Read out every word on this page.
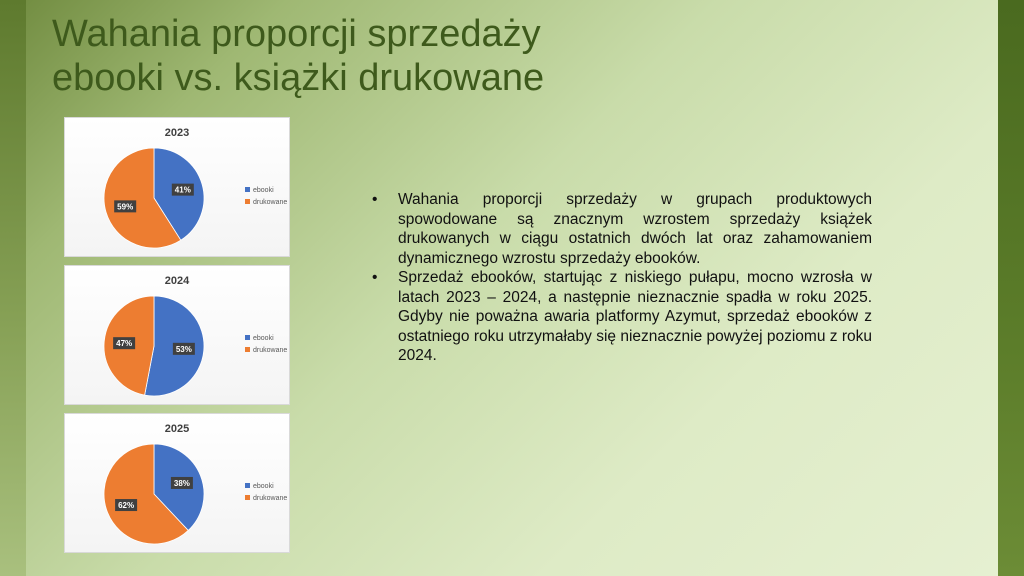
Wahania proporcji sprzedaży
ebooki vs. książki drukowane
2023
41%
59%
ebooki
drukowane
2024
53%
47%
ebooki
drukowane
2025
38%
62%
ebooki
drukowane
• Wahania proporcji sprzedaży w grupach produktowych spowodowane są znacznym wzrostem sprzedaży książek drukowanych w ciągu ostatnich dwóch lat oraz zahamowaniem dynamicznego wzrostu sprzedaży ebooków.
• Sprzedaż ebooków, startując z niskiego pułapu, mocno wzrosła w latach 2023 – 2024, a następnie nieznacznie spadła w roku 2025. Gdyby nie poważna awaria platformy Azymut, sprzedaż ebooków z ostatniego roku utrzymałaby się nieznacznie powyżej poziomu z roku 2024.
